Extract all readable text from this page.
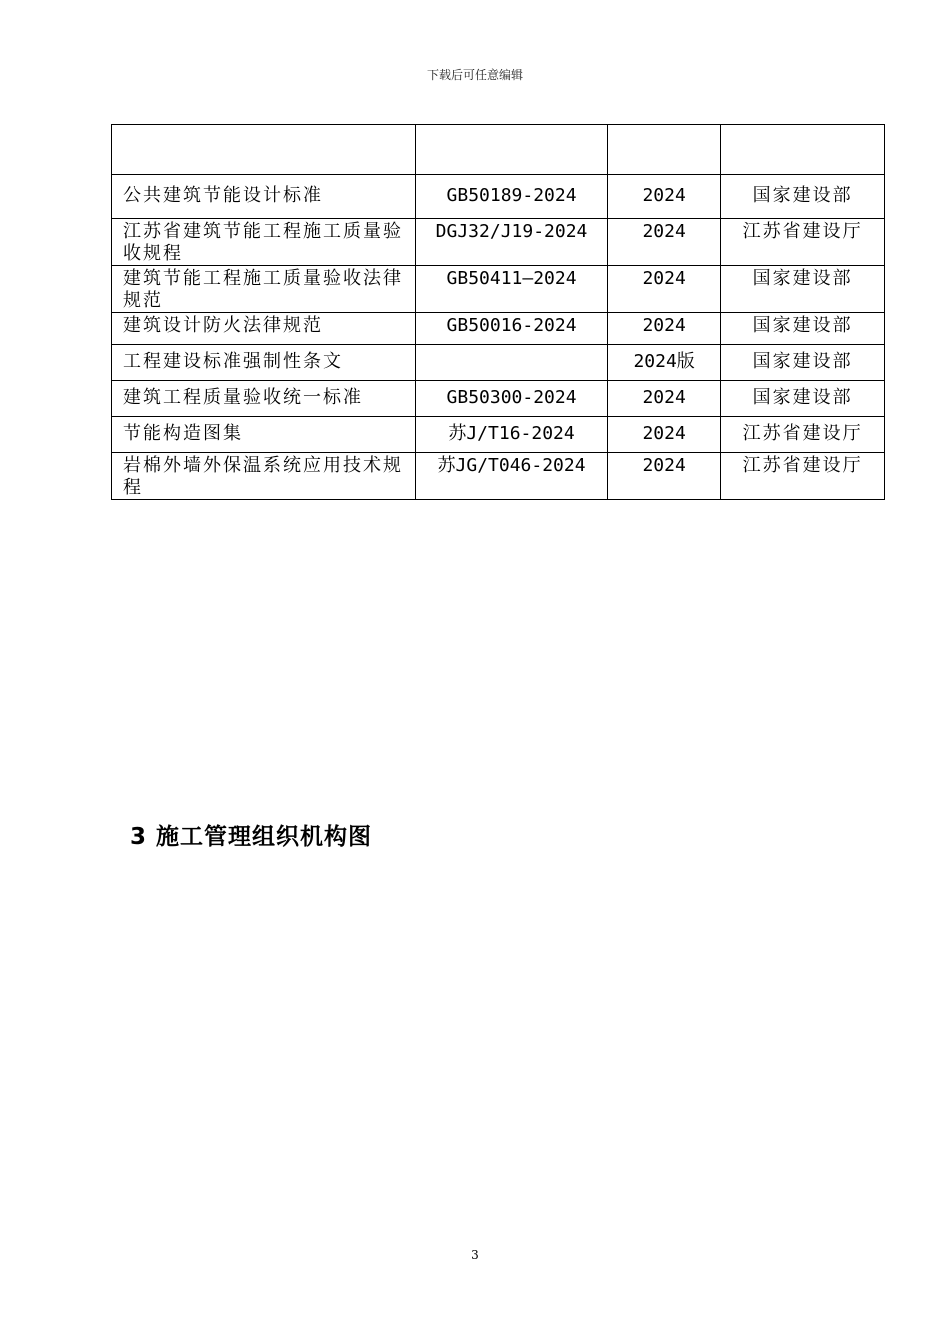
下载后可任意编辑

公共建筑节能设计标准	GB50189-2024	2024	国家建设部
江苏省建筑节能工程施工质量验收规程	DGJ32/J19-2024	2024	江苏省建设厅
建筑节能工程施工质量验收法律规范	GB50411—2024	2024	国家建设部
建筑设计防火法律规范	GB50016-2024	2024	国家建设部
工程建设标准强制性条文		2024版	国家建设部
建筑工程质量验收统一标准	GB50300-2024	2024	国家建设部
节能构造图集	苏J/T16-2024	2024	江苏省建设厅
岩棉外墙外保温系统应用技术规程	苏JG/T046-2024	2024	江苏省建设厅
3 施工管理组织机构图
3
